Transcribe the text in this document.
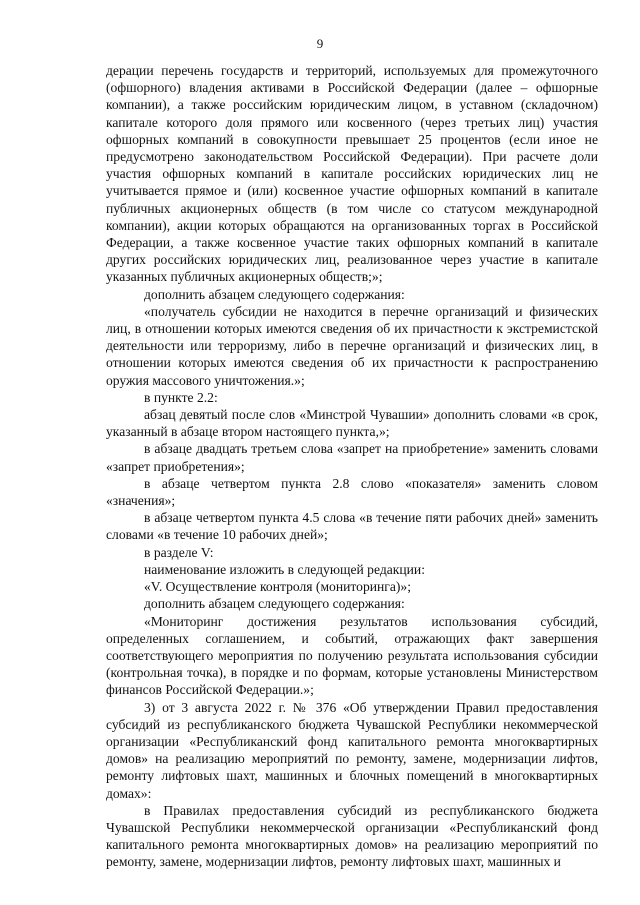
9

дерации перечень государств и территорий, используемых для промежуточного (офшорного) владения активами в Российской Федерации (далее – офшорные компании), а также российским юридическим лицом, в уставном (складочном) капитале которого доля прямого или косвенного (через третьих лиц) участия офшорных компаний в совокупности превышает 25 процентов (если иное не предусмотрено законодательством Российской Федерации). При расчете доли участия офшорных компаний в капитале российских юридических лиц не учитывается прямое и (или) косвенное участие офшорных компаний в капитале публичных акционерных обществ (в том числе со статусом международной компании), акции которых обращаются на организованных торгах в Российской Федерации, а также косвенное участие таких офшорных компаний в капитале других российских юридических лиц, реализованное через участие в капитале указанных публичных акционерных обществ;»;

дополнить абзацем следующего содержания:

«получатель субсидии не находится в перечне организаций и физических лиц, в отношении которых имеются сведения об их причастности к экстремистской деятельности или терроризму, либо в перечне организаций и физических лиц, в отношении которых имеются сведения об их причастности к распространению оружия массового уничтожения.»;

в пункте 2.2:

абзац девятый после слов «Минстрой Чувашии» дополнить словами «в срок, указанный в абзаце втором настоящего пункта,»;

в абзаце двадцать третьем слова «запрет на приобретение» заменить словами «запрет приобретения»;

в абзаце четвертом пункта 2.8 слово «показателя» заменить словом «значения»;

в абзаце четвертом пункта 4.5 слова «в течение пяти рабочих дней» заменить словами «в течение 10 рабочих дней»;

в разделе V:

наименование изложить в следующей редакции:

«V. Осуществление контроля (мониторинга)»;

дополнить абзацем следующего содержания:

«Мониторинг достижения результатов использования субсидий, определенных соглашением, и событий, отражающих факт завершения соответствующего мероприятия по получению результата использования субсидии (контрольная точка), в порядке и по формам, которые установлены Министерством финансов Российской Федерации.»;

3) от 3 августа 2022 г. № 376 «Об утверждении Правил предоставления субсидий из республиканского бюджета Чувашской Республики некоммерческой организации «Республиканский фонд капитального ремонта многоквартирных домов» на реализацию мероприятий по ремонту, замене, модернизации лифтов, ремонту лифтовых шахт, машинных и блочных помещений в многоквартирных домах»:

в Правилах предоставления субсидий из республиканского бюджета Чувашской Республики некоммерческой организации «Республиканский фонд капитального ремонта многоквартирных домов» на реализацию мероприятий по ремонту, замене, модернизации лифтов, ремонту лифтовых шахт, машинных и
